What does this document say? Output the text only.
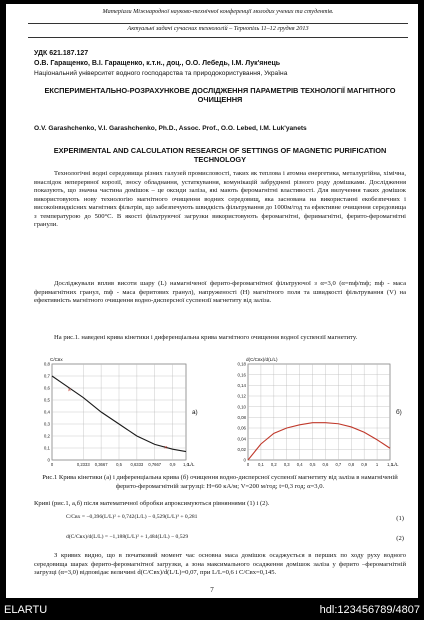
Матеріали Міжнародної науково-технічної конференції молодих учених та студентів.
Актуальні задачі сучасних технологій – Тернопіль 11–12 грудня 2013
УДК 621.187.127
О.В. Гаращенко, В.І. Гаращенко, к.т.н., доц., О.О. Лебедь, І.М. Лук'янець
Національний університет водного господарства та природокористування, Україна
ЕКСПЕРИМЕНТАЛЬНО-РОЗРАХУНКОВЕ ДОСЛІДЖЕННЯ ПАРАМЕТРІВ ТЕХНОЛОГІЇ МАГНІТНОГО ОЧИЩЕННЯ
O.V. Garashchenko, V.I. Garashchenko, Ph.D., Assoc. Prof., O.O. Lebed, I.M. Luk'yanets
EXPERIMENTAL AND CALCULATION RESEARCH OF SETTINGS OF MAGNETIC PURIFICATION TECHNOLOGY
Технологічні водні середовища різних галузей промисловості, таких як теплова і атомна енергетика, металургійна, хімічна, внаслідок неперервної корозії, зносу обладнання, устаткування, комунікацій забруднені різного роду домішками. Дослідження показують, що значна частина домішок – це оксиди заліза, які мають феромагнітні властивості. Для вилучення таких домішок використовують нову технологію магнітного очищення водних середовищ, яка заснована на використанні екобезпечних і високоінвидкісних магнітних фільтрів, що забезпечують швидкість фільтрування до 1000м/год та ефективне очищення середовища з температурою до 500°С. В якості фільтруючої загрузки використовують феромагнітні, феримагнітні, ферито-феромагнітні гранули.
Досліджували вплив висоти шару (L) намагніченої ферито-феромагнітної фільтруючої з α=3,0 (α=mф/mф; mф - маса феримагнітних гранул, mф - маса феритових гранул), напруженості (Н) магнітного поля та швидкості фільтрування (V) на ефективність магнітного очищення водно-дисперсної суспензії магнетиту від заліза.
На рис.1. наведені крива кінетики і диференціальна крива магнітного очищення водної суспензії магнетиту.
0
0,1
0,2
0,3
0,4
0,5
0,6
0,7
0,8
0	0,2333 0,3667 0,5 0,6333 0,7667 0,9 1,0
×
×
C/Cвх
L/L
а)
0
0,02
0,04
0,06
0,08
0,10
0,12
0,14
0,16
0,18
0 0,1 0,2 0,3 0,4 0,5 0,6 0,7 0,8 0,9 1 1,1
d(C/Cвх)/d(L/L)
L/L
б)
Рис.1 Крива кінетики (а) і диференціальна крива (б) очищення водно-дисперсної суспензії магнетиту від заліза в намагніченій ферито-феромагнітній загрузці: Н=60 кА/м; V=200 м/год; t=0,3 год; α=3,0.
Криві (рис.1, а,б) після математичної обробки апроксимуються рівняннями (1) і (2).
C/Cвх = −0,396(L/L)² + 0,742(L/L) − 0,529(L/L)³ + 0,281	(1)
d(C/Cвх)/d(L/L) = −1,188(L/L)² + 1,484(L/L) − 0,529	(2)
З кривих видно, що в початковий момент час основна маса домішок осаджується в перших по ходу руху водного середовища шарах ферито-феромагнітної загрузки, а зона максимального осадження домішок заліза у ферито –феромагнітній загрузці (α=3,0) відповідає величині d(C/Cвх)/d(L/L)=0,07, при L/L=0,6 і C/Cвх=0,145.
7
ELARTU	hdl:123456789/4807
